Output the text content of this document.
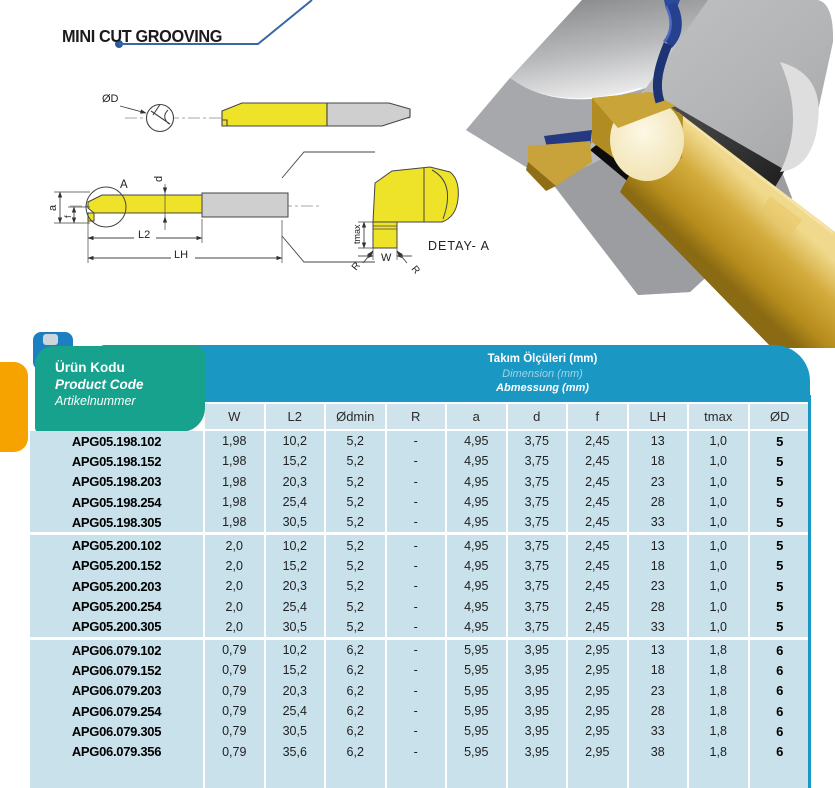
MINI CUT GROOVING
ØD
A
a
f
d
L2
LH
tmax
W
R	R
DETAY- A
Takım Ölçüleri (mm)
Dimension (mm)
Abmessung (mm)
Ürün Kodu
Product Code
Artikelnummer
W	L2	Ødmin	R	a	d	f	LH	tmax	ØD
APG05.198.102	1,98	10,2	5,2	-	4,95	3,75	2,45	13	1,0	5
APG05.198.152	1,98	15,2	5,2	-	4,95	3,75	2,45	18	1,0	5
APG05.198.203	1,98	20,3	5,2	-	4,95	3,75	2,45	23	1,0	5
APG05.198.254	1,98	25,4	5,2	-	4,95	3,75	2,45	28	1,0	5
APG05.198.305	1,98	30,5	5,2	-	4,95	3,75	2,45	33	1,0	5
APG05.200.102	2,0	10,2	5,2	-	4,95	3,75	2,45	13	1,0	5
APG05.200.152	2,0	15,2	5,2	-	4,95	3,75	2,45	18	1,0	5
APG05.200.203	2,0	20,3	5,2	-	4,95	3,75	2,45	23	1,0	5
APG05.200.254	2,0	25,4	5,2	-	4,95	3,75	2,45	28	1,0	5
APG05.200.305	2,0	30,5	5,2	-	4,95	3,75	2,45	33	1,0	5
APG06.079.102	0,79	10,2	6,2	-	5,95	3,95	2,95	13	1,8	6
APG06.079.152	0,79	15,2	6,2	-	5,95	3,95	2,95	18	1,8	6
APG06.079.203	0,79	20,3	6,2	-	5,95	3,95	2,95	23	1,8	6
APG06.079.254	0,79	25,4	6,2	-	5,95	3,95	2,95	28	1,8	6
APG06.079.305	0,79	30,5	6,2	-	5,95	3,95	2,95	33	1,8	6
APG06.079.356	0,79	35,6	6,2	-	5,95	3,95	2,95	38	1,8	6
